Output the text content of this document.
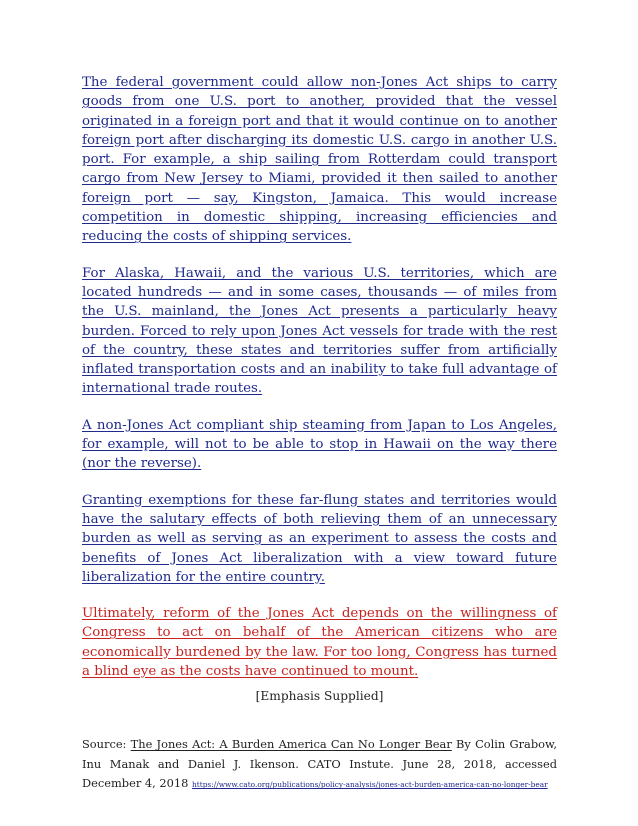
The federal government could allow non-Jones Act ships to carry goods from one U.S. port to another, provided that the vessel originated in a foreign port and that it would continue on to another foreign port after discharging its domestic U.S. cargo in another U.S. port. For example, a ship sailing from Rotterdam could transport cargo from New Jersey to Miami, provided it then sailed to another foreign port — say, Kingston, Jamaica. This would increase competition in domestic shipping, increasing efficiencies and reducing the costs of shipping services.

For Alaska, Hawaii, and the various U.S. territories, which are located hundreds — and in some cases, thousands — of miles from the U.S. mainland, the Jones Act presents a particularly heavy burden. Forced to rely upon Jones Act vessels for trade with the rest of the country, these states and territories suffer from artificially inflated transportation costs and an inability to take full advantage of international trade routes.

A non-Jones Act compliant ship steaming from Japan to Los Angeles, for example, will not to be able to stop in Hawaii on the way there (nor the reverse).

Granting exemptions for these far-flung states and territories would have the salutary effects of both relieving them of an unnecessary burden as well as serving as an experiment to assess the costs and benefits of Jones Act liberalization with a view toward future liberalization for the entire country.

Ultimately, reform of the Jones Act depends on the willingness of Congress to act on behalf of the American citizens who are economically burdened by the law. For too long, Congress has turned a blind eye as the costs have continued to mount.

[Emphasis Supplied]

Source: The Jones Act: A Burden America Can No Longer Bear By Colin Grabow, Inu Manak and Daniel J. Ikenson. CATO Instute. June 28, 2018, accessed December 4, 2018 https://www.cato.org/publications/policy-analysis/jones-act-burden-america-can-no-longer-bear
